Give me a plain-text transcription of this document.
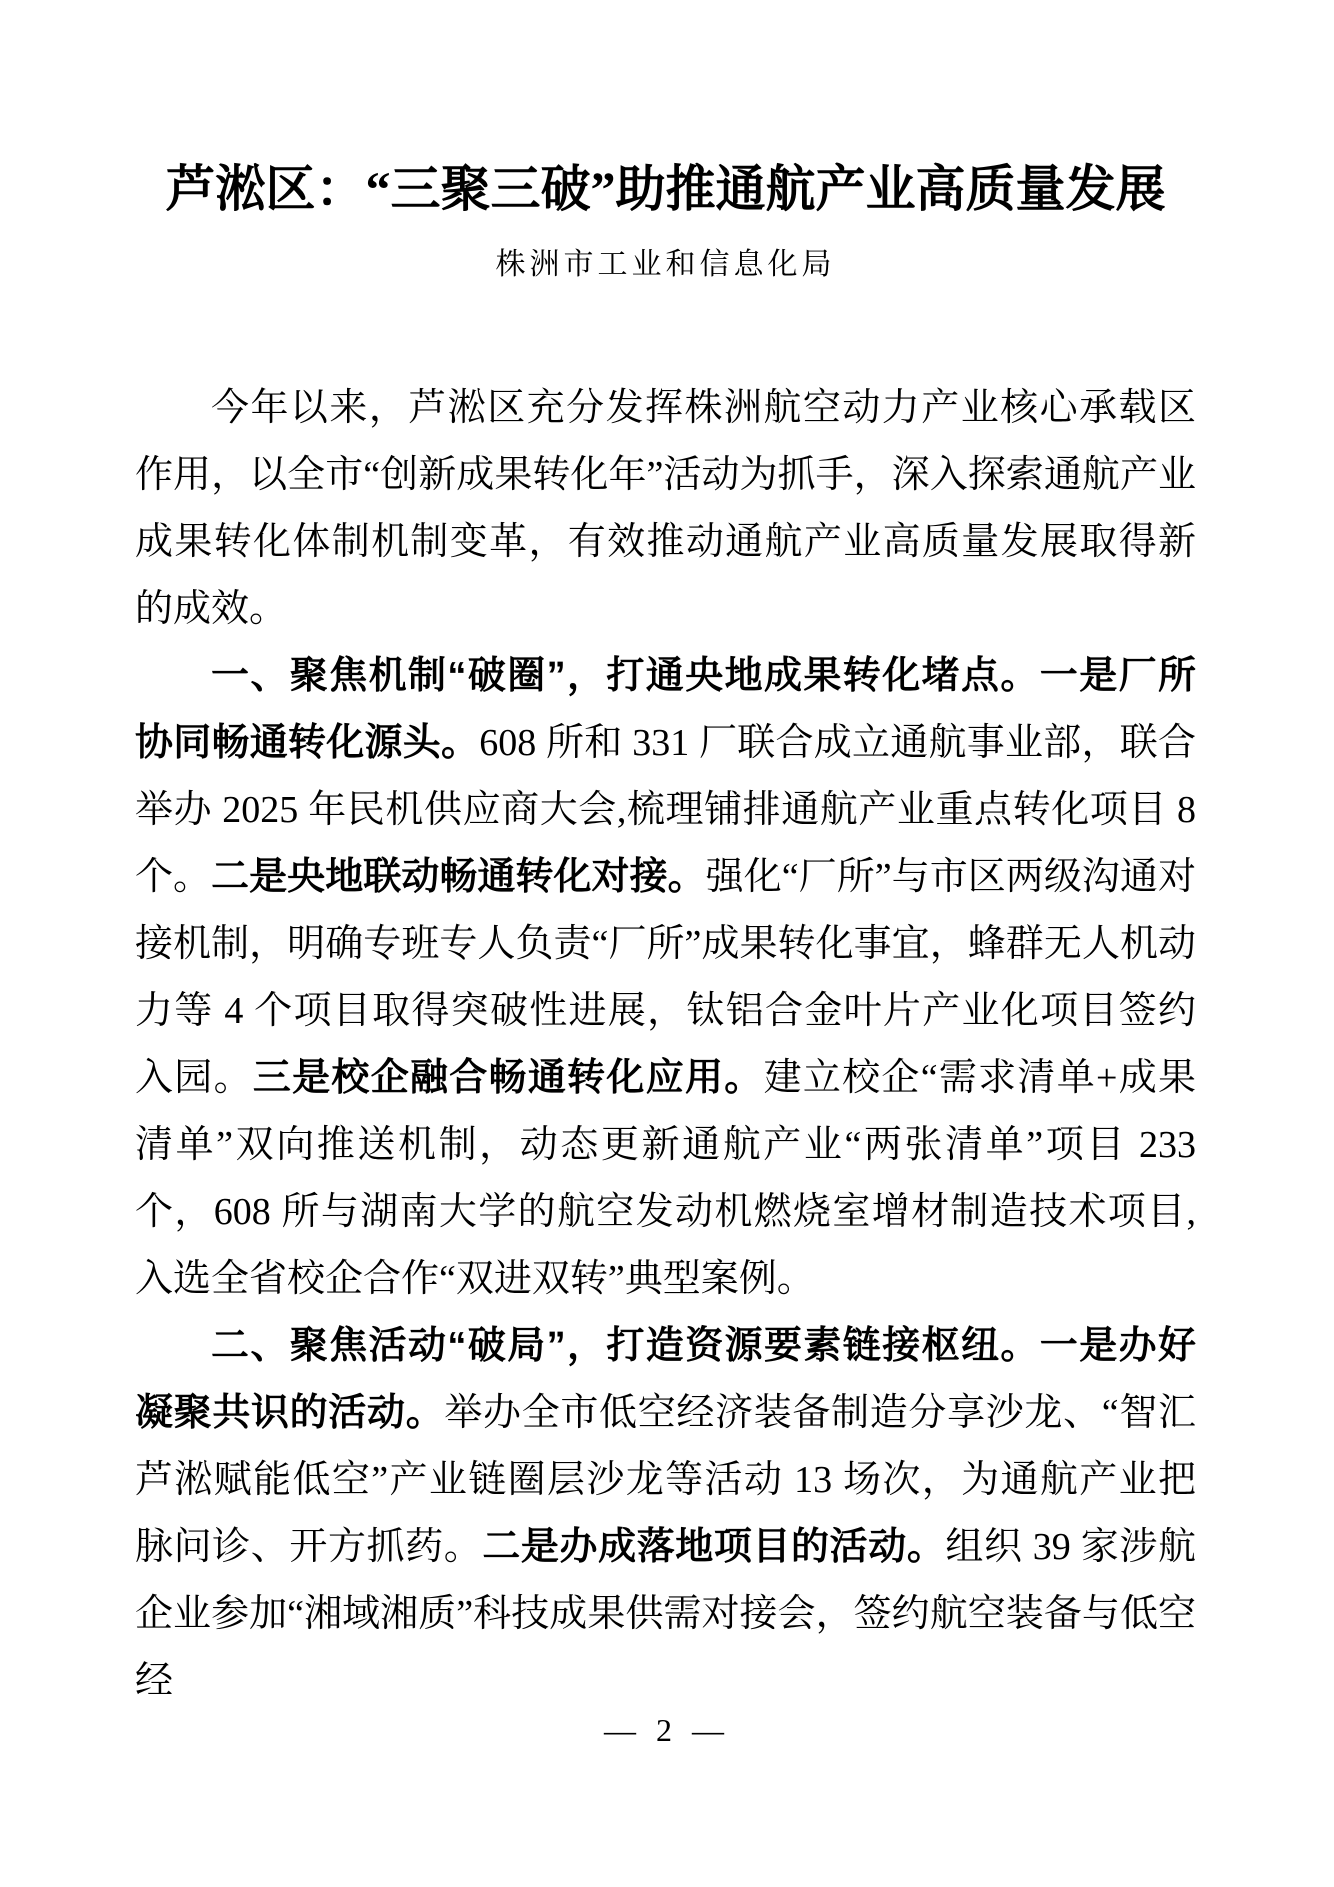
芦淞区：“三聚三破”助推通航产业高质量发展
株洲市工业和信息化局

今年以来，芦淞区充分发挥株洲航空动力产业核心承载区作用，以全市“创新成果转化年”活动为抓手，深入探索通航产业成果转化体制机制变革，有效推动通航产业高质量发展取得新的成效。

一、聚焦机制“破圈”，打通央地成果转化堵点。一是厂所协同畅通转化源头。608 所和 331 厂联合成立通航事业部，联合举办 2025 年民机供应商大会,梳理铺排通航产业重点转化项目 8 个。二是央地联动畅通转化对接。强化“厂所”与市区两级沟通对接机制，明确专班专人负责“厂所”成果转化事宜，蜂群无人机动力等 4 个项目取得突破性进展，钛铝合金叶片产业化项目签约入园。三是校企融合畅通转化应用。建立校企“需求清单+成果 清单”双向推送机制，动态更新通航产业“两张清单”项目 233 个，608 所与湖南大学的航空发动机燃烧室增材制造技术项目,入选全省校企合作“双进双转”典型案例。

二、聚焦活动“破局”，打造资源要素链接枢纽。一是办好凝聚共识的活动。举办全市低空经济装备制造分享沙龙、“智汇芦淞赋能低空”产业链圈层沙龙等活动 13 场次，为通航产业把脉问诊、开方抓药。二是办成落地项目的活动。组织 39 家涉航企业参加“湘域湘质”科技成果供需对接会，签约航空装备与低空经

— 2 —
